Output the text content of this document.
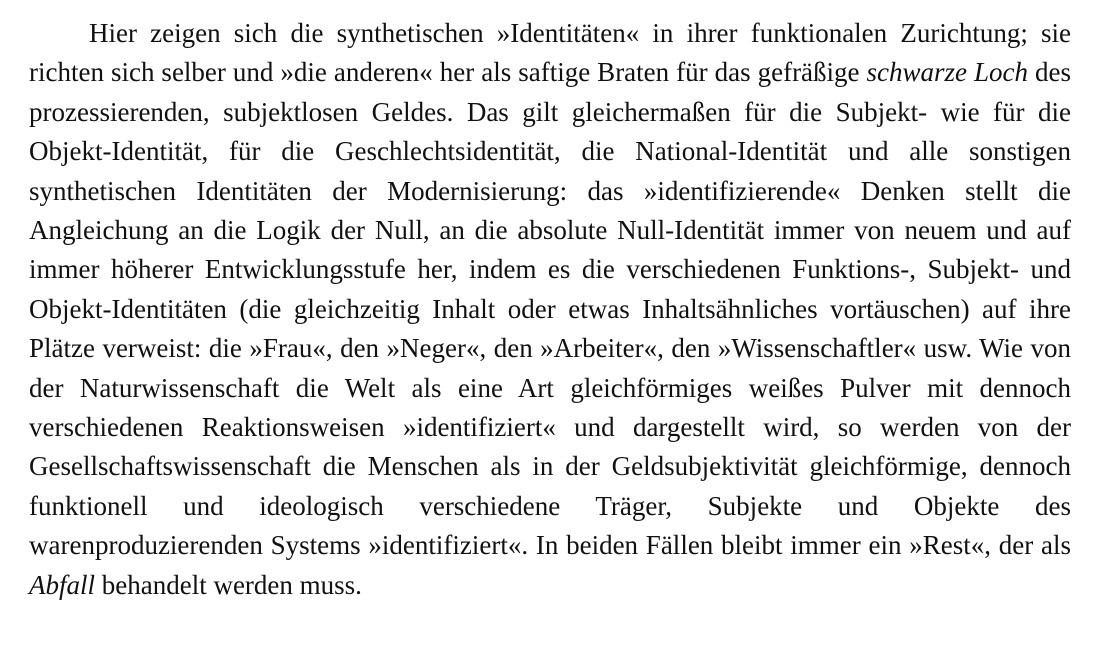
Hier zeigen sich die synthetischen »Identitäten« in ihrer funktionalen Zurichtung; sie richten sich selber und »die anderen« her als saftige Braten für das gefräßige schwarze Loch des prozessierenden, subjektlosen Geldes. Das gilt gleichermaßen für die Subjekt- wie für die Objekt-Identität, für die Geschlechtsidentität, die National-Identität und alle sonstigen synthetischen Identitäten der Modernisierung: das »identifizierende« Denken stellt die Angleichung an die Logik der Null, an die absolute Null-Identität immer von neuem und auf immer höherer Entwicklungsstufe her, indem es die verschiedenen Funktions-, Subjekt- und Objekt-Identitäten (die gleichzeitig Inhalt oder etwas Inhaltsähnliches vortäuschen) auf ihre Plätze verweist: die »Frau«, den »Neger«, den »Arbeiter«, den »Wissenschaftler« usw. Wie von der Naturwissenschaft die Welt als eine Art gleichförmiges weißes Pulver mit dennoch verschiedenen Reaktionsweisen »identifiziert« und dargestellt wird, so werden von der Gesellschaftswissenschaft die Menschen als in der Geldsubjektivität gleichförmige, dennoch funktionell und ideologisch verschiedene Träger, Subjekte und Objekte des warenproduzierenden Systems »identifiziert«. In beiden Fällen bleibt immer ein »Rest«, der als Abfall behandelt werden muss.
